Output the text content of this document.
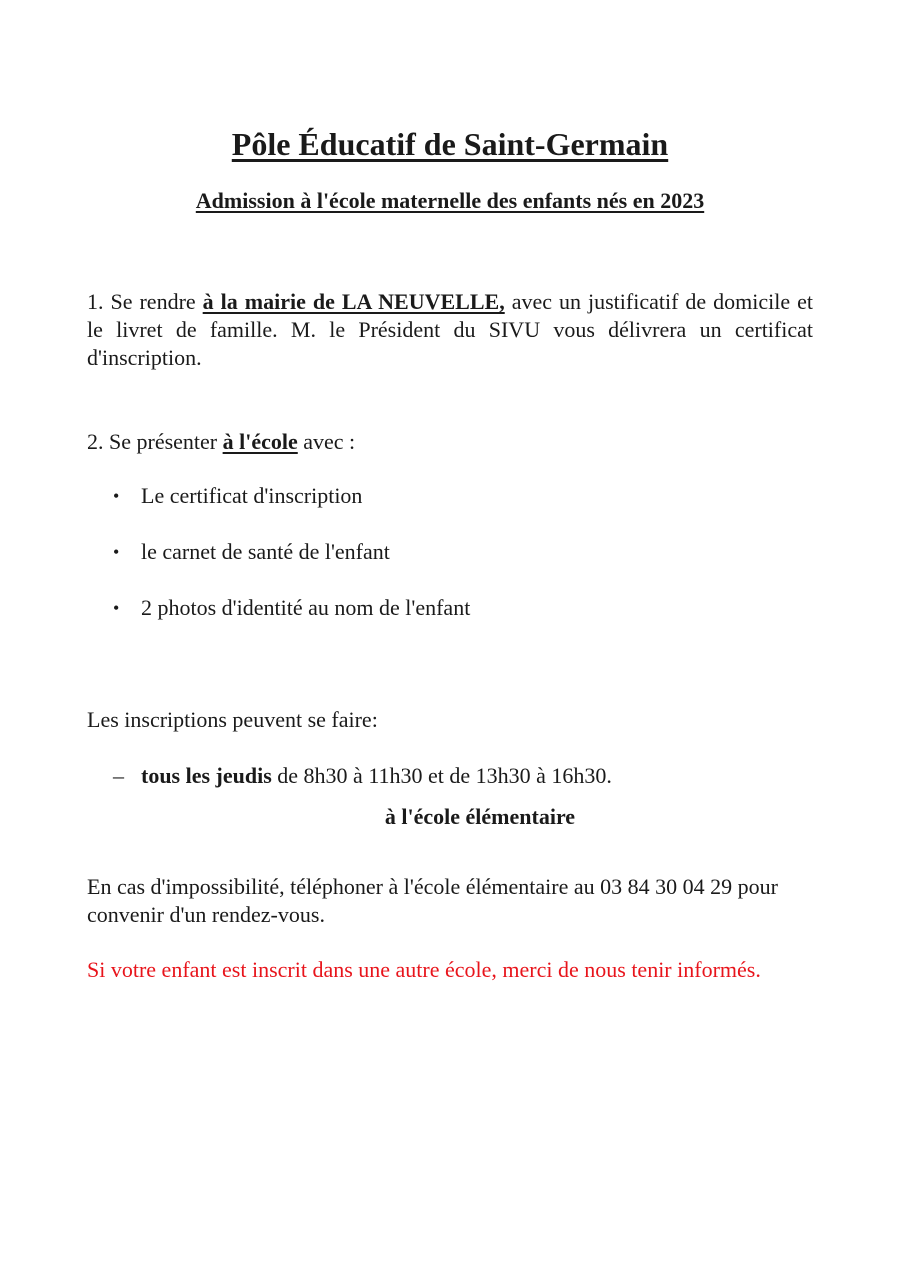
Pôle Éducatif de Saint-Germain
Admission à l'école maternelle des enfants nés en 2023
1. Se rendre à la mairie de LA NEUVELLE, avec un justificatif de domicile et le livret de famille. M. le Président du SIVU vous délivrera un certificat d'inscription.
2. Se présenter à l'école avec :
• Le certificat d'inscription
• le carnet de santé de l'enfant
• 2 photos d'identité au nom de l'enfant
Les inscriptions peuvent se faire:
– tous les jeudis de 8h30 à 11h30 et de 13h30 à 16h30.
à l'école élémentaire
En cas d'impossibilité, téléphoner à l'école élémentaire au 03 84 30 04 29 pour convenir d'un rendez-vous.
Si votre enfant est inscrit dans une autre école, merci de nous tenir informés.
